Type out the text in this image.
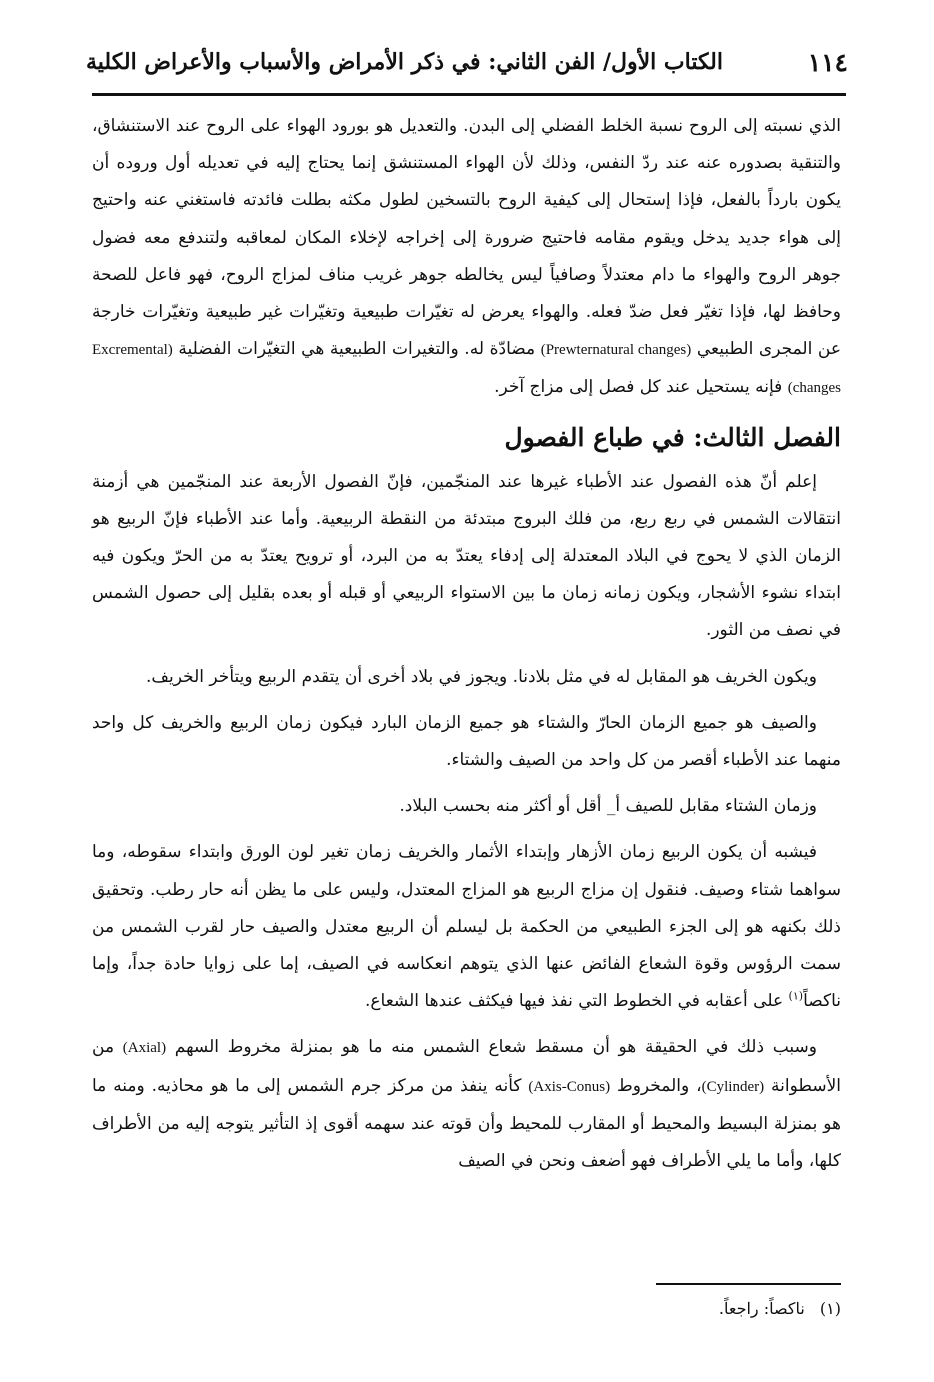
١١٤
الكتاب الأول/ الفن الثاني: في ذكر الأمراض والأسباب والأعراض الكلية

الذي نسبته إلى الروح نسبة الخلط الفضلي إلى البدن. والتعديل هو بورود الهواء على الروح عند الاستنشاق، والتنقية بصدوره عنه عند ردّ النفس، وذلك لأن الهواء المستنشق إنما يحتاج إليه في تعديله أول وروده أن يكون بارداً بالفعل، فإذا إستحال إلى كيفية الروح بالتسخين لطول مكثه بطلت فائدته فاستغني عنه واحتيج إلى هواء جديد يدخل ويقوم مقامه فاحتيج ضرورة إلى إخراجه لإخلاء المكان لمعاقبه ولتندفع معه فضول جوهر الروح والهواء ما دام معتدلاً وصافياً ليس يخالطه جوهر غريب مناف لمزاج الروح، فهو فاعل للصحة وحافظ لها، فإذا تغيّر فعل ضدّ فعله. والهواء يعرض له تغيّرات طبيعية وتغيّرات غير طبيعية وتغيّرات خارجة عن المجرى الطبيعي (Prewternatural changes) مضادّة له. والتغيرات الطبيعية هي التغيّرات الفضلية (Excremental changes) فإنه يستحيل عند كل فصل إلى مزاج آخر.

الفصل الثالث: في طباع الفصول

إعلم أنّ هذه الفصول عند الأطباء غيرها عند المنجّمين، فإنّ الفصول الأربعة عند المنجّمين هي أزمنة انتقالات الشمس في ربع ربع، من فلك البروج مبتدئة من النقطة الربيعية. وأما عند الأطباء فإنّ الربيع هو الزمان الذي لا يحوج في البلاد المعتدلة إلى إدفاء يعتدّ به من البرد، أو ترويح يعتدّ به من الحرّ ويكون فيه ابتداء نشوء الأشجار، ويكون زمانه زمان ما بين الاستواء الربيعي أو قبله أو بعده بقليل إلى حصول الشمس في نصف من الثور.

ويكون الخريف هو المقابل له في مثل بلادنا. ويجوز في بلاد أخرى أن يتقدم الربيع ويتأخر الخريف.

والصيف هو جميع الزمان الحارّ والشتاء هو جميع الزمان البارد فيكون زمان الربيع والخريف كل واحد منهما عند الأطباء أقصر من كل واحد من الصيف والشتاء.

وزمان الشتاء مقابل للصيف أ_ أقل أو أكثر منه بحسب البلاد.

فيشبه أن يكون الربيع زمان الأزهار وإبتداء الأثمار والخريف زمان تغير لون الورق وابتداء سقوطه، وما سواهما شتاء وصيف. فنقول إن مزاج الربيع هو المزاج المعتدل، وليس على ما يظن أنه حار رطب. وتحقيق ذلك بكنهه هو إلى الجزء الطبيعي من الحكمة بل ليسلم أن الربيع معتدل والصيف حار لقرب الشمس من سمت الرؤوس وقوة الشعاع الفائض عنها الذي يتوهم انعكاسه في الصيف، إما على زوايا حادة جداً، وإما ناكصاً$^{(١)}$ على أعقابه في الخطوط التي نفذ فيها فيكثف عندها الشعاع.

وسبب ذلك في الحقيقة هو أن مسقط شعاع الشمس منه ما هو بمنزلة مخروط السهم (Axial) من الأسطوانة (Cylinder)، والمخروط (Axis-Conus) كأنه ينفذ من مركز جرم الشمس إلى ما هو محاذيه. ومنه ما هو بمنزلة البسيط والمحيط أو المقارب للمحيط وأن قوته عند سهمه أقوى إذ التأثير يتوجه إليه من الأطراف كلها، وأما ما يلي الأطراف فهو أضعف ونحن في الصيف

(١) ناكصاً: راجعاً.
